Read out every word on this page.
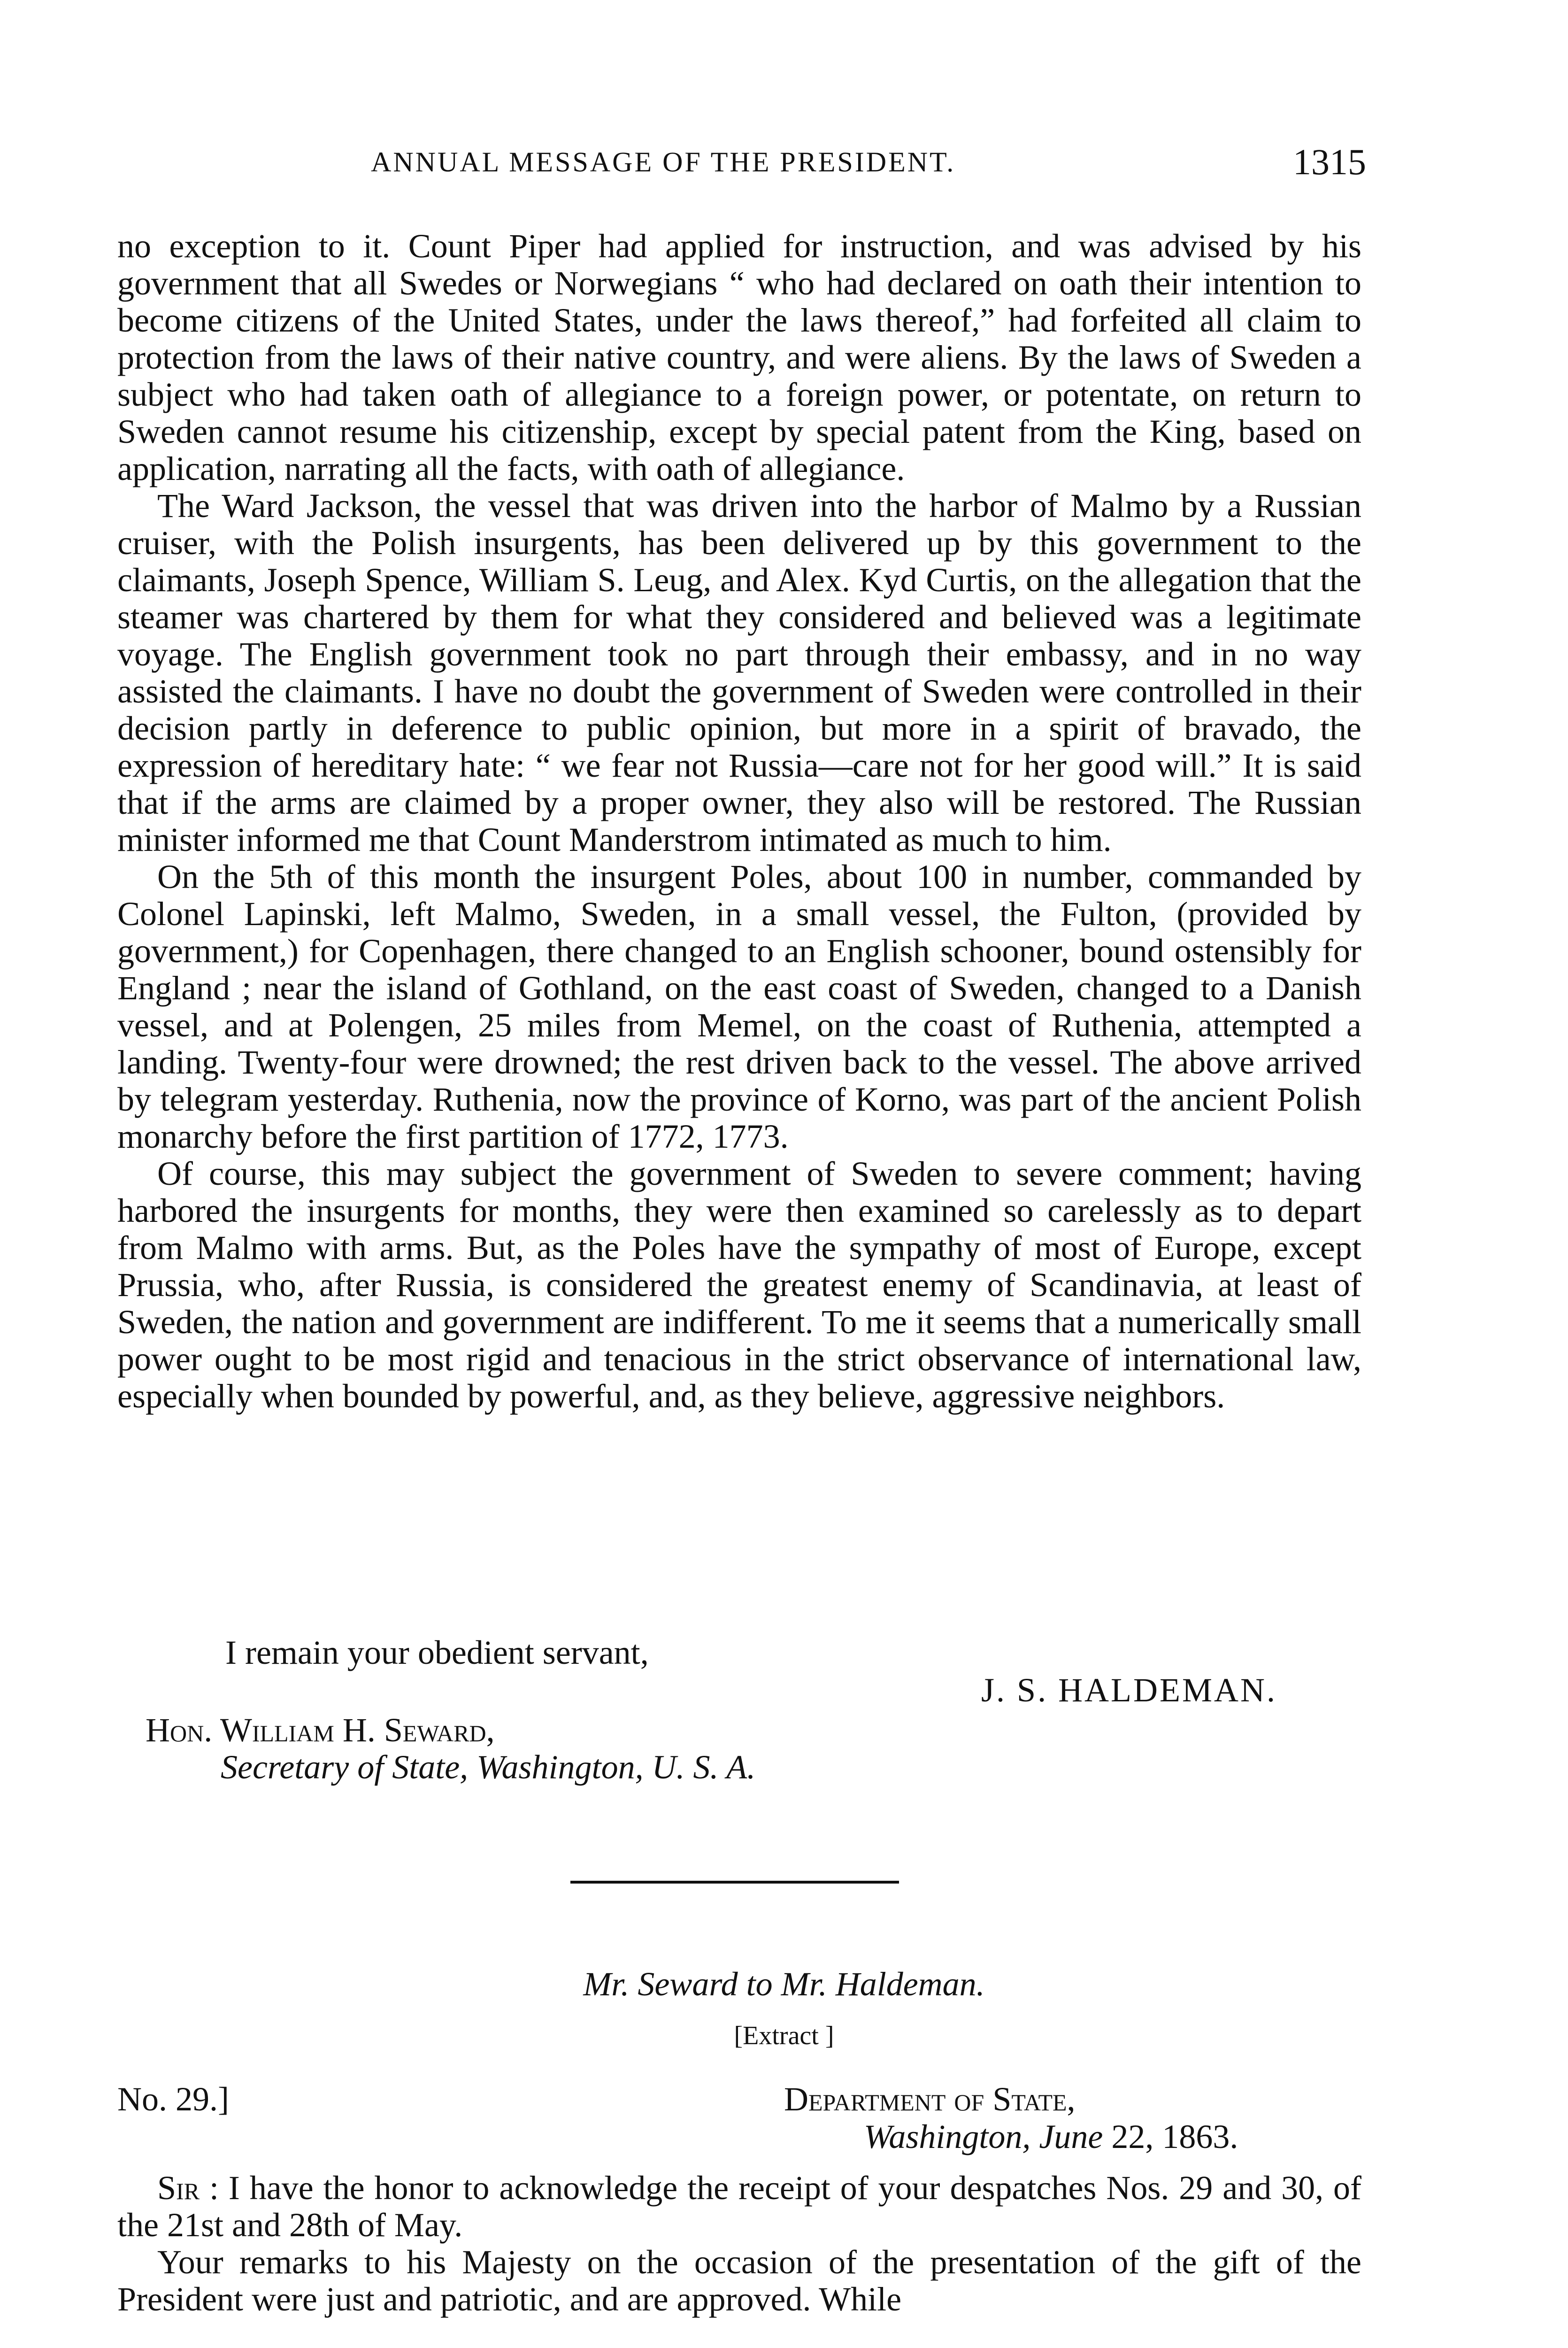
ANNUAL MESSAGE OF THE PRESIDENT.	1315

no exception to it. Count Piper had applied for instruction, and was advised by his government that all Swedes or Norwegians “ who had declared on oath their intention to become citizens of the United States, under the laws thereof,” had forfeited all claim to protection from the laws of their native country, and were aliens. By the laws of Sweden a subject who had taken oath of allegiance to a foreign power, or potentate, on return to Sweden cannot resume his citizenship, except by special patent from the King, based on application, narrating all the facts, with oath of allegiance.

The Ward Jackson, the vessel that was driven into the harbor of Malmo by a Russian cruiser, with the Polish insurgents, has been delivered up by this government to the claimants, Joseph Spence, William S. Leug, and Alex. Kyd Curtis, on the allegation that the steamer was chartered by them for what they considered and believed was a legitimate voyage. The English government took no part through their embassy, and in no way assisted the claimants. I have no doubt the government of Sweden were controlled in their decision partly in deference to public opinion, but more in a spirit of bravado, the expression of hereditary hate: “ we fear not Russia—care not for her good will.” It is said that if the arms are claimed by a proper owner, they also will be restored. The Russian minister informed me that Count Manderstrom intimated as much to him.

On the 5th of this month the insurgent Poles, about 100 in number, commanded by Colonel Lapinski, left Malmo, Sweden, in a small vessel, the Fulton, (provided by government,) for Copenhagen, there changed to an English schooner, bound ostensibly for England ; near the island of Gothland, on the east coast of Sweden, changed to a Danish vessel, and at Polengen, 25 miles from Memel, on the coast of Ruthenia, attempted a landing. Twenty-four were drowned; the rest driven back to the vessel. The above arrived by telegram yesterday. Ruthenia, now the province of Korno, was part of the ancient Polish monarchy before the first partition of 1772, 1773.

Of course, this may subject the government of Sweden to severe comment; having harbored the insurgents for months, they were then examined so carelessly as to depart from Malmo with arms. But, as the Poles have the sympathy of most of Europe, except Prussia, who, after Russia, is considered the greatest enemy of Scandinavia, at least of Sweden, the nation and government are indifferent. To me it seems that a numerically small power ought to be most rigid and tenacious in the strict observance of international law, especially when bounded by powerful, and, as they believe, aggressive neighbors.

I remain your obedient servant,
J. S. HALDEMAN.
Hon. William H. Seward,
Secretary of State, Washington, U. S. A.
Mr. Seward to Mr. Haldeman.
[Extract ]
No. 29.]	Department of State,
Washington, June 22, 1863.

Sir : I have the honor to acknowledge the receipt of your despatches Nos. 29 and 30, of the 21st and 28th of May.

Your remarks to his Majesty on the occasion of the presentation of the gift of the President were just and patriotic, and are approved. While
